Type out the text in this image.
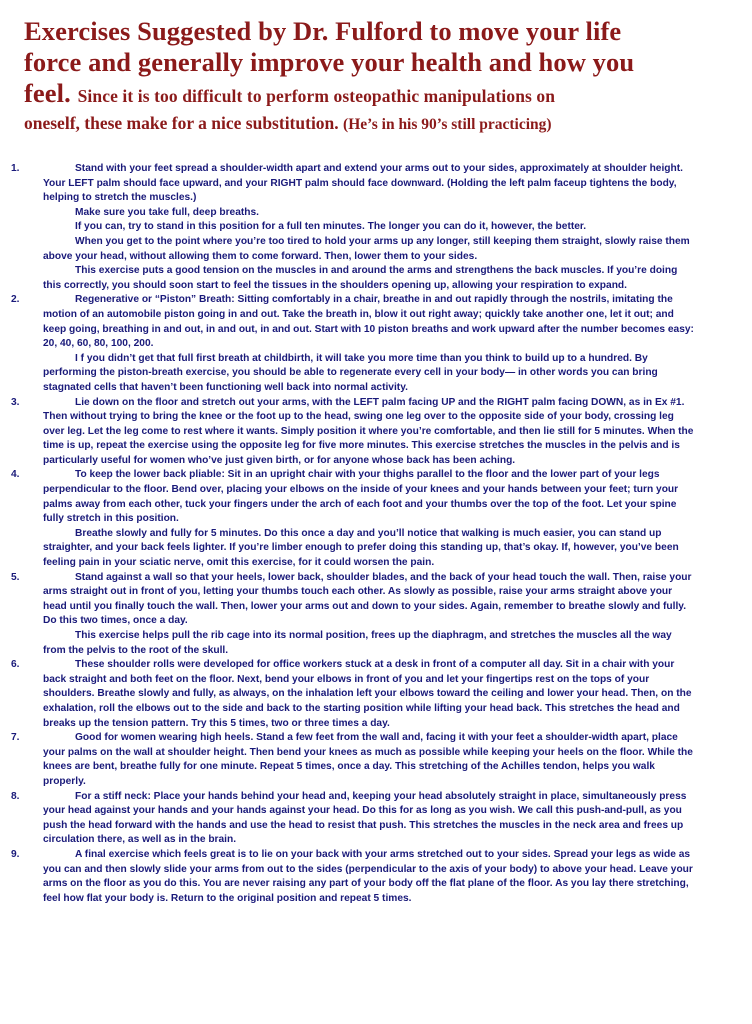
Exercises Suggested by Dr. Fulford to move your life
force and generally improve your health and how you
feel. Since it is too difficult to perform osteopathic manipulations on
oneself, these make for a nice substitution. (He’s in his 90’s still practicing)
1.	Stand with your feet spread a shoulder-width apart and extend your arms out to your sides, approximately at shoulder height. Your LEFT palm should face upward, and your RIGHT palm should face downward. (Holding the left palm faceup tightens the body, helping to stretch the muscles.)
Make sure you take full, deep breaths.
If you can, try to stand in this position for a full ten minutes. The longer you can do it, however, the better.
When you get to the point where you’re too tired to hold your arms up any longer, still keeping them straight, slowly raise them above your head, without allowing them to come forward. Then, lower them to your sides.
This exercise puts a good tension on the muscles in and around the arms and strengthens the back muscles. If you’re doing this correctly, you should soon start to feel the tissues in the shoulders opening up, allowing your respiration to expand.
2.	Regenerative or “Piston” Breath: Sitting comfortably in a chair, breathe in and out rapidly through the nostrils, imitating the motion of an automobile piston going in and out. Take the breath in, blow it out right away; quickly take another one, let it out; and keep going, breathing in and out, in and out, in and out. Start with 10 piston breaths and work upward after the number becomes easy: 20, 40, 60, 80, 100, 200.
I f you didn’t get that full first breath at childbirth, it will take you more time than you think to build up to a hundred. By performing the piston-breath exercise, you should be able to regenerate every cell in your body— in other words you can bring stagnated cells that haven’t been functioning well back into normal activity.
3.	Lie down on the floor and stretch out your arms, with the LEFT palm facing UP and the RIGHT palm facing DOWN, as in Ex #1. Then without trying to bring the knee or the foot up to the head, swing one leg over to the opposite side of your body, crossing leg over leg. Let the leg come to rest where it wants. Simply position it where you’re comfortable, and then lie still for 5 minutes. When the time is up, repeat the exercise using the opposite leg for five more minutes. This exercise stretches the muscles in the pelvis and is particularly useful for women who’ve just given birth, or for anyone whose back has been aching.
4.	To keep the lower back pliable: Sit in an upright chair with your thighs parallel to the floor and the lower part of your legs perpendicular to the floor. Bend over, placing your elbows on the inside of your knees and your hands between your feet; turn your palms away from each other, tuck your fingers under the arch of each foot and your thumbs over the top of the foot. Let your spine fully stretch in this position.
Breathe slowly and fully for 5 minutes. Do this once a day and you’ll notice that walking is much easier, you can stand up straighter, and your back feels lighter. If you’re limber enough to prefer doing this standing up, that’s okay. If, however, you’ve been feeling pain in your sciatic nerve, omit this exercise, for it could worsen the pain.
5.	Stand against a wall so that your heels, lower back, shoulder blades, and the back of your head touch the wall. Then, raise your arms straight out in front of you, letting your thumbs touch each other. As slowly as possible, raise your arms straight above your head until you finally touch the wall. Then, lower your arms out and down to your sides. Again, remember to breathe slowly and fully. Do this two times, once a day.
This exercise helps pull the rib cage into its normal position, frees up the diaphragm, and stretches the muscles all the way from the pelvis to the root of the skull.
6.	These shoulder rolls were developed for office workers stuck at a desk in front of a computer all day. Sit in a chair with your back straight and both feet on the floor. Next, bend your elbows in front of you and let your fingertips rest on the tops of your shoulders. Breathe slowly and fully, as always, on the inhalation left your elbows toward the ceiling and lower your head. Then, on the exhalation, roll the elbows out to the side and back to the starting position while lifting your head back. This stretches the head and breaks up the tension pattern. Try this 5 times, two or three times a day.
7.	Good for women wearing high heels. Stand a few feet from the wall and, facing it with your feet a shoulder-width apart, place your palms on the wall at shoulder height. Then bend your knees as much as possible while keeping your heels on the floor. While the knees are bent, breathe fully for one minute. Repeat 5 times, once a day. This stretching of the Achilles tendon, helps you walk properly.
8.	For a stiff neck: Place your hands behind your head and, keeping your head absolutely straight in place, simultaneously press your head against your hands and your hands against your head. Do this for as long as you wish. We call this push-and-pull, as you push the head forward with the hands and use the head to resist that push. This stretches the muscles in the neck area and frees up circulation there, as well as in the brain.
9.	A final exercise which feels great is to lie on your back with your arms stretched out to your sides. Spread your legs as wide as you can and then slowly slide your arms from out to the sides (perpendicular to the axis of your body) to above your head. Leave your arms on the floor as you do this. You are never raising any part of your body off the flat plane of the floor. As you lay there stretching, feel how flat your body is. Return to the original position and repeat 5 times.
